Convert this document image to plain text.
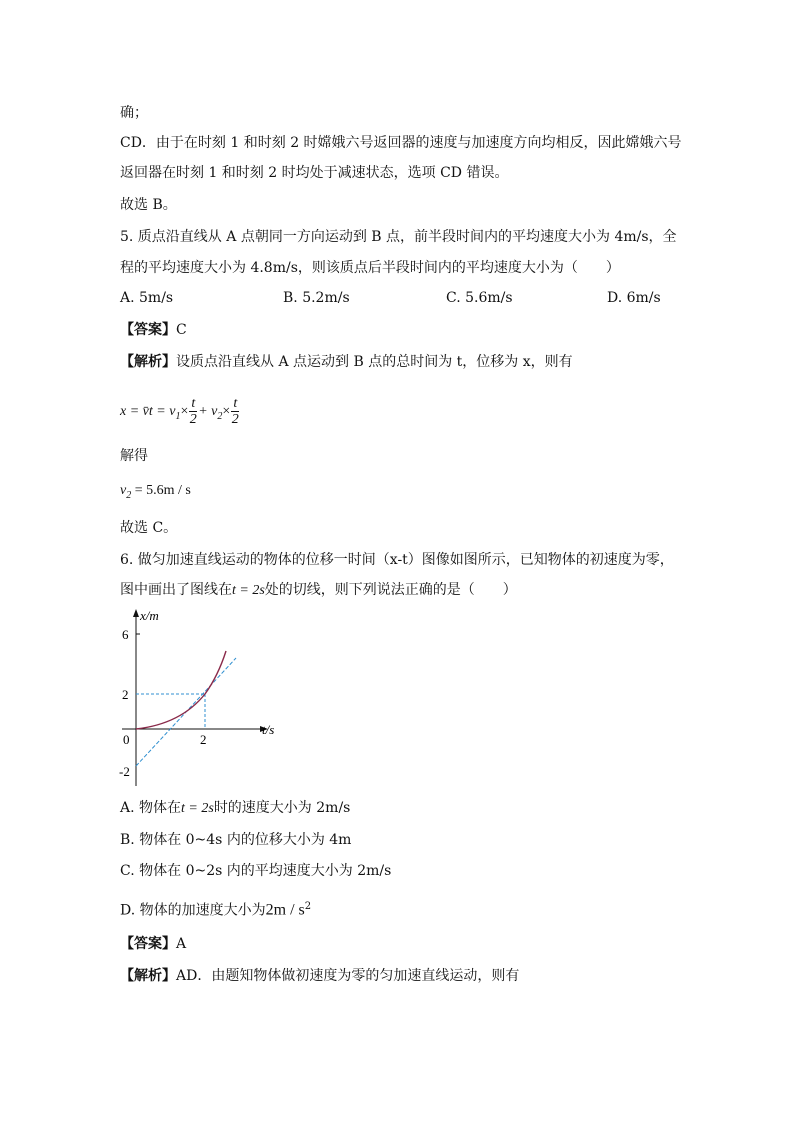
确；
CD．由于在时刻 1 和时刻 2 时嫦娥六号返回器的速度与加速度方向均相反，因此嫦娥六号
返回器在时刻 1 和时刻 2 时均处于减速状态，选项 CD 错误。
故选 B。
5. 质点沿直线从 A 点朝同一方向运动到 B 点，前半段时间内的平均速度大小为 4m/s，全
程的平均速度大小为 4.8m/s，则该质点后半段时间内的平均速度大小为（　　）
A. 5m/s	B. 5.2m/s	C. 5.6m/s	D. 6m/s
【答案】C
【解析】设质点沿直线从 A 点运动到 B 点的总时间为 t，位移为 x，则有
x = v̄t = $v_1\times \frac{t}{2} + v_2\times \frac{t}{2}$
解得
$v_2 = 5.6m / s$
故选 C。
6. 做匀加速直线运动的物体的位移一时间（x-t）图像如图所示，已知物体的初速度为零，
图中画出了图线在t = 2s处的切线，则下列说法正确的是（　　）
x/m
6
2
0	2
-2
t/s
A. 物体在t = 2s时的速度大小为 2m/s
B. 物体在 0~4s 内的位移大小为 4m
C. 物体在 0~2s 内的平均速度大小为 2m/s
D. 物体的加速度大小为$2m / s^2$
【答案】A
【解析】AD．由题知物体做初速度为零的匀加速直线运动，则有
